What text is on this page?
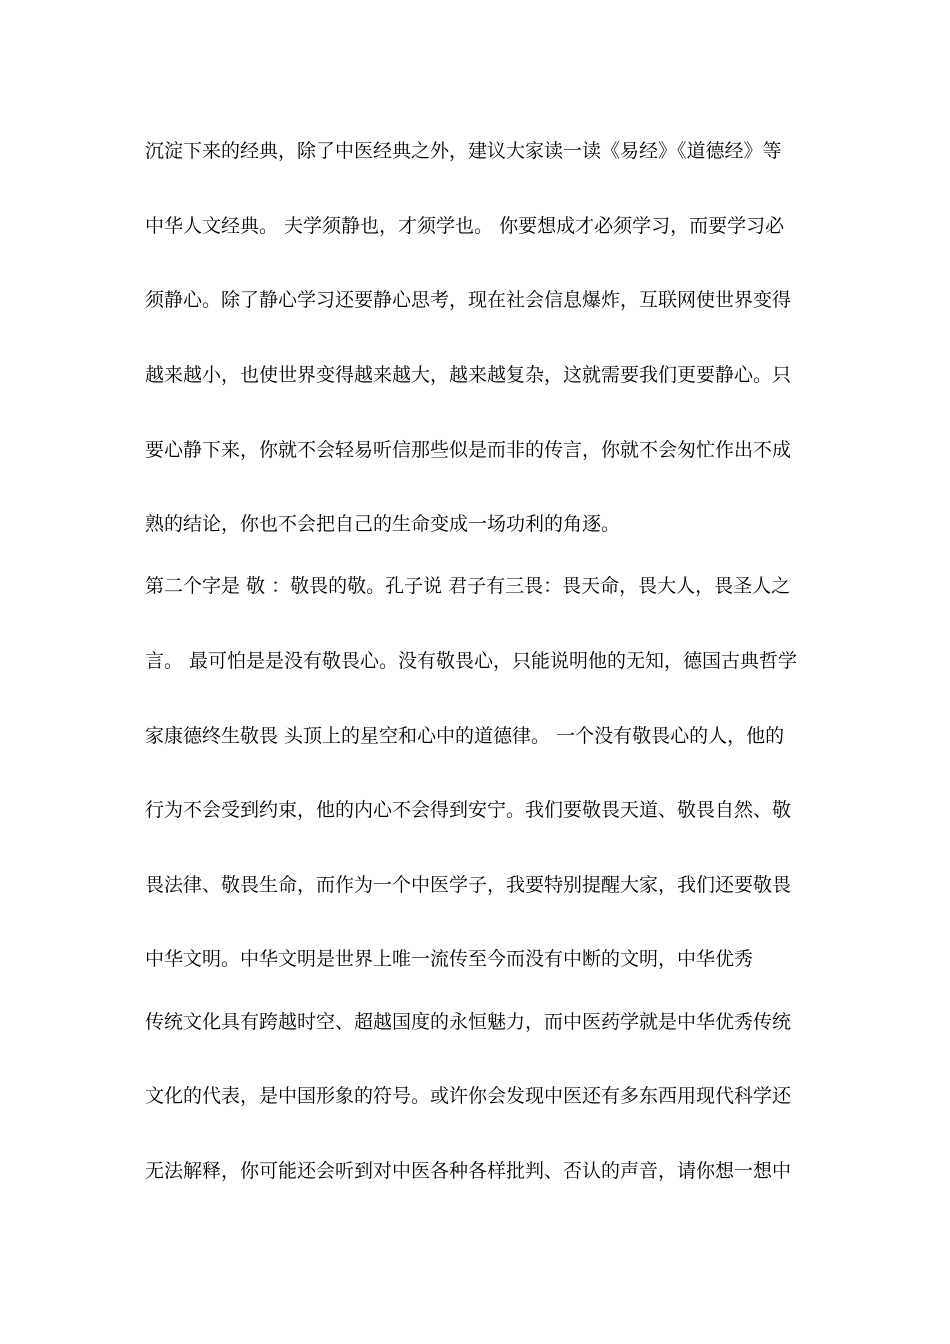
沉淀下来的经典，除了中医经典之外，建议大家读一读《易经》《道德经》等
中华人文经典。 夫学须静也，才须学也。 你要想成才必须学习，而要学习必
须静心。除了静心学习还要静心思考，现在社会信息爆炸，互联网使世界变得
越来越小，也使世界变得越来越大，越来越复杂，这就需要我们更要静心。只
要心静下来，你就不会轻易听信那些似是而非的传言，你就不会匆忙作出不成
熟的结论，你也不会把自己的生命变成一场功利的角逐。
第二个字是 敬 ：敬畏的敬。孔子说 君子有三畏：畏天命，畏大人，畏圣人之
言。 最可怕是是没有敬畏心。没有敬畏心，只能说明他的无知，德国古典哲学
家康德终生敬畏 头顶上的星空和心中的道德律。 一个没有敬畏心的人，他的
行为不会受到约束，他的内心不会得到安宁。我们要敬畏天道、敬畏自然、敬
畏法律、敬畏生命，而作为一个中医学子，我要特别提醒大家，我们还要敬畏
中华文明。中华文明是世界上唯一流传至今而没有中断的文明，中华优秀
传统文化具有跨越时空、超越国度的永恒魅力，而中医药学就是中华优秀传统
文化的代表，是中国形象的符号。或许你会发现中医还有多东西用现代科学还
无法解释，你可能还会听到对中医各种各样批判、否认的声音，请你想一想中
